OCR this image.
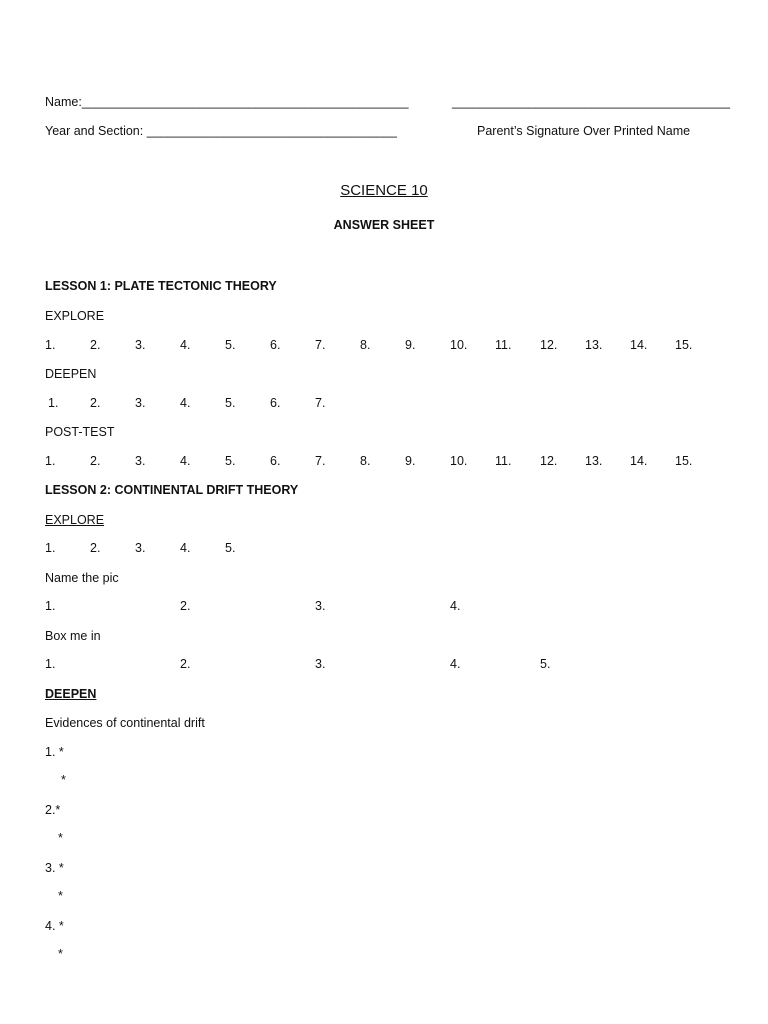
Name:_______________________________________________	________________________________________
Year and Section: ____________________________________	Parent’s Signature Over Printed Name
SCIENCE 10
ANSWER SHEET
LESSON 1: PLATE TECTONIC THEORY
EXPLORE
1.	2.	3.	4.	5.	6.	7.	8.	9.	10. 11. 12. 13. 14. 15.
DEEPEN
1.	2.	3.	4.	5.	6.	7.
POST-TEST
1.	2.	3.	4.	5.	6.	7.	8.	9.	10. 11. 12. 13. 14. 15.
LESSON 2: CONTINENTAL DRIFT THEORY
EXPLORE
1.	2.	3.	4.	5.
Name the pic
1.	2.	3.	4.
Box me in
1.	2.	3.	4.	5.
DEEPEN
Evidences of continental drift
1. *
*
2.*
*
3. *
*
4. *
*
